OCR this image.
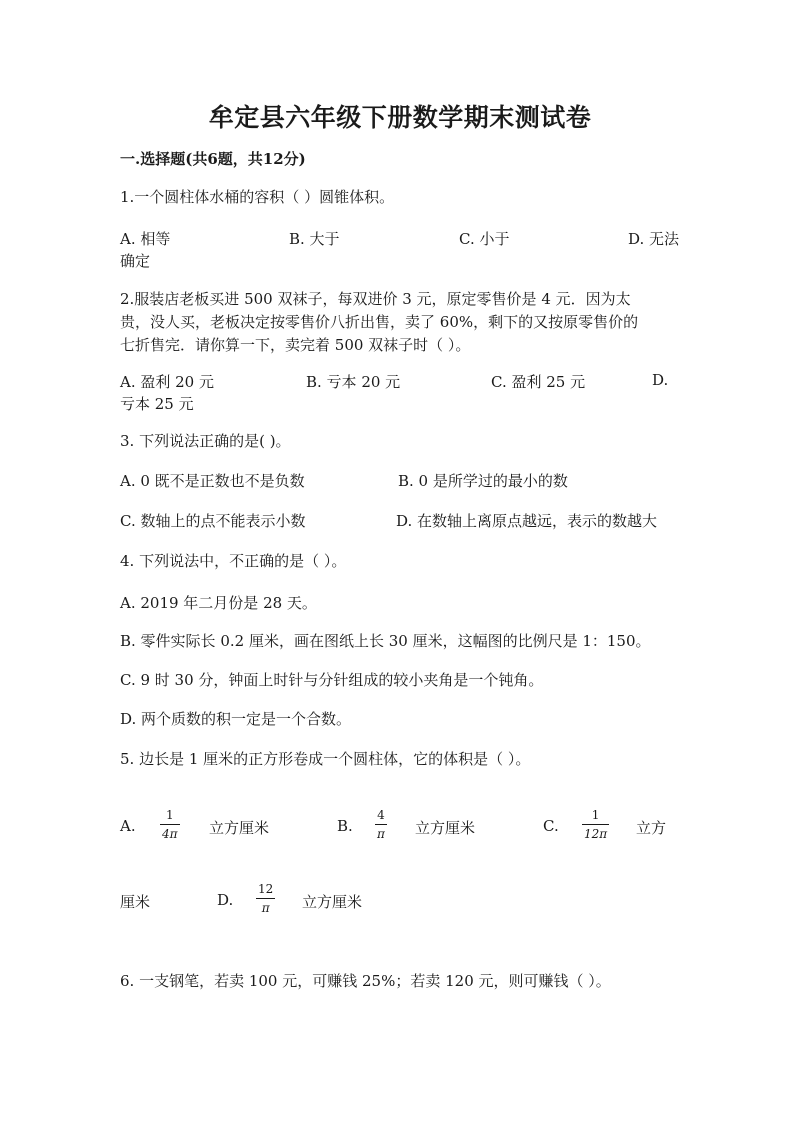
牟定县六年级下册数学期末测试卷
一.选择题(共6题，共12分)
1.一个圆柱体水桶的容积（ ）圆锥体积。
A. 相等	B. 大于	C. 小于	D. 无法
确定
2.服装店老板买进 500 双袜子，每双进价 3 元，原定零售价是 4 元．因为太
贵，没人买，老板决定按零售价八折出售，卖了 60%，剩下的又按原零售价的
七折售完．请你算一下，卖完着 500 双袜子时（ ）。
A. 盈利 20 元	B. 亏本 20 元	C. 盈利 25 元	D.
亏本 25 元
3. 下列说法正确的是( )。
A. 0 既不是正数也不是负数	B. 0 是所学过的最小的数
C. 数轴上的点不能表示小数	D. 在数轴上离原点越远，表示的数越大
4. 下列说法中，不正确的是（ ）。
A. 2019 年二月份是 28 天。
B. 零件实际长 0.2 厘米，画在图纸上长 30 厘米，这幅图的比例尺是 1：150。
C. 9 时 30 分，钟面上时针与分针组成的较小夹角是一个钝角。
D. 两个质数的积一定是一个合数。
5. 边长是 1 厘米的正方形卷成一个圆柱体，它的体积是（ ）。
A.
1
4π 立方厘米	B.
4
π 立方厘米	C.
1
12π 立方
厘米	D.
12
π 立方厘米
6. 一支钢笔，若卖 100 元，可赚钱 25%；若卖 120 元，则可赚钱（ ）。
